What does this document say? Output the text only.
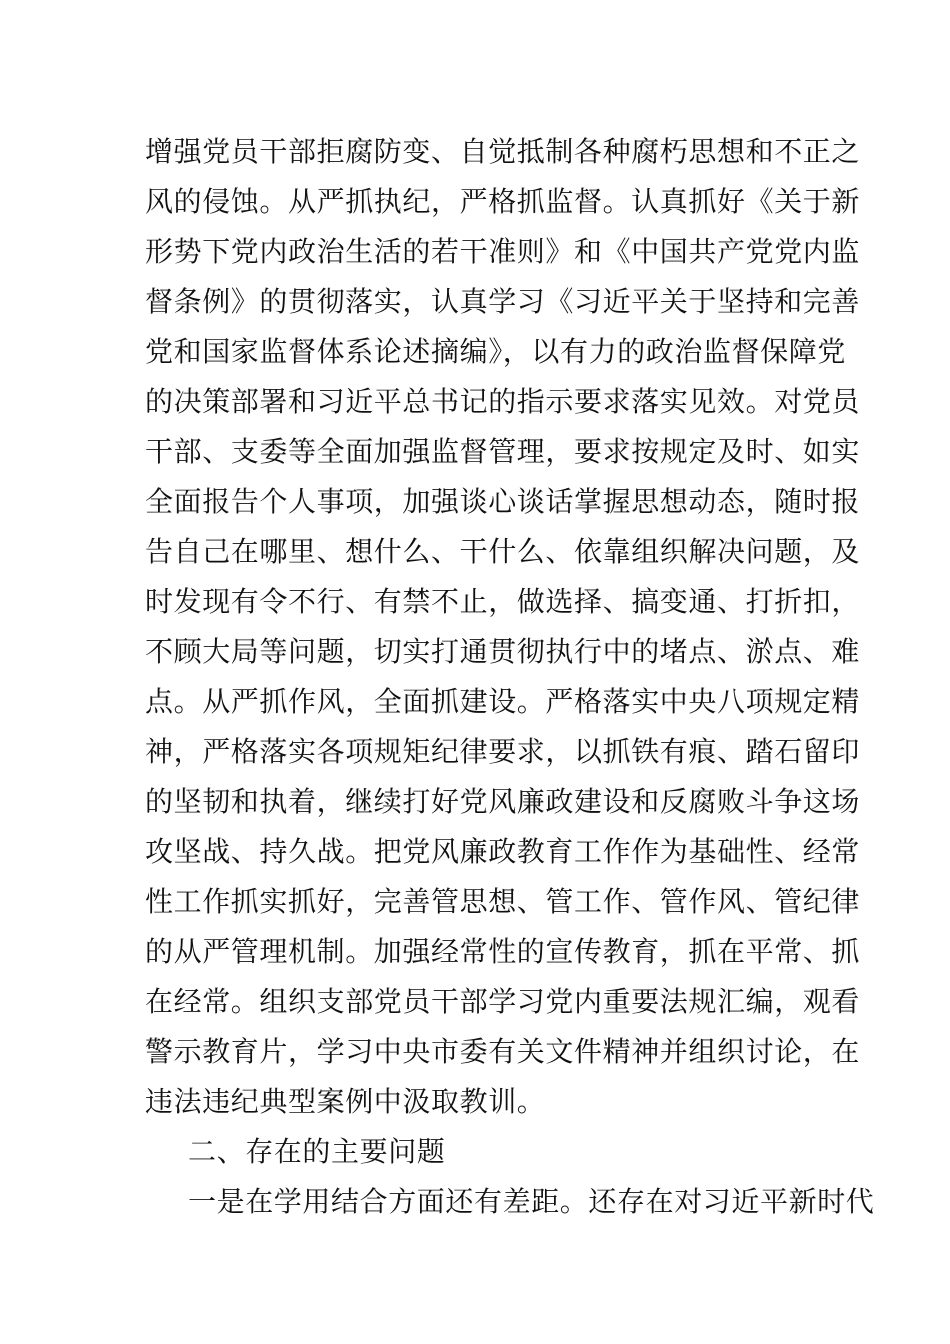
增强党员干部拒腐防变、自觉抵制各种腐朽思想和不正之
风的侵蚀。从严抓执纪，严格抓监督。认真抓好《关于新
形势下党内政治生活的若干准则》和《中国共产党党内监
督条例》的贯彻落实，认真学习《习近平关于坚持和完善
党和国家监督体系论述摘编》，以有力的政治监督保障党
的决策部署和习近平总书记的指示要求落实见效。对党员
干部、支委等全面加强监督管理，要求按规定及时、如实
全面报告个人事项，加强谈心谈话掌握思想动态，随时报
告自己在哪里、想什么、干什么、依靠组织解决问题，及
时发现有令不行、有禁不止，做选择、搞变通、打折扣，
不顾大局等问题，切实打通贯彻执行中的堵点、淤点、难
点。从严抓作风，全面抓建设。严格落实中央八项规定精
神，严格落实各项规矩纪律要求，以抓铁有痕、踏石留印
的坚韧和执着，继续打好党风廉政建设和反腐败斗争这场
攻坚战、持久战。把党风廉政教育工作作为基础性、经常
性工作抓实抓好，完善管思想、管工作、管作风、管纪律
的从严管理机制。加强经常性的宣传教育，抓在平常、抓
在经常。组织支部党员干部学习党内重要法规汇编，观看
警示教育片，学习中央市委有关文件精神并组织讨论，在
违法违纪典型案例中汲取教训。
二、存在的主要问题
一是在学用结合方面还有差距。还存在对习近平新时代
